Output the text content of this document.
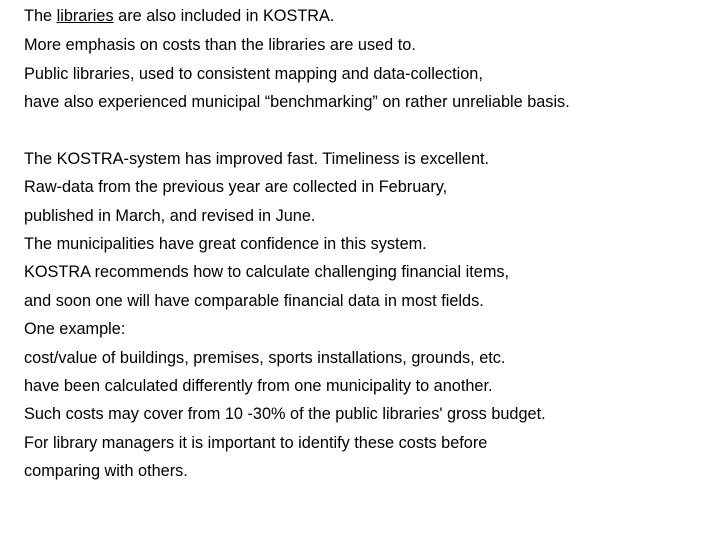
The libraries are also included in KOSTRA.
More emphasis on costs than the libraries are used to.
Public libraries, used to consistent mapping and data-collection,
have also experienced municipal “benchmarking” on rather unreliable basis.
The KOSTRA-system has improved fast. Timeliness is excellent.
Raw-data from the previous year are collected in February,
published in March, and revised in June.
The municipalities have great confidence in this system.
KOSTRA recommends how to calculate challenging financial items,
and soon one will have comparable financial data in most fields.
One example:
cost/value of buildings, premises, sports installations, grounds, etc.
have been calculated differently from one municipality to another.
Such costs may cover from 10 -30% of the public libraries' gross budget.
For library managers it is important to identify these costs before
comparing with others.
